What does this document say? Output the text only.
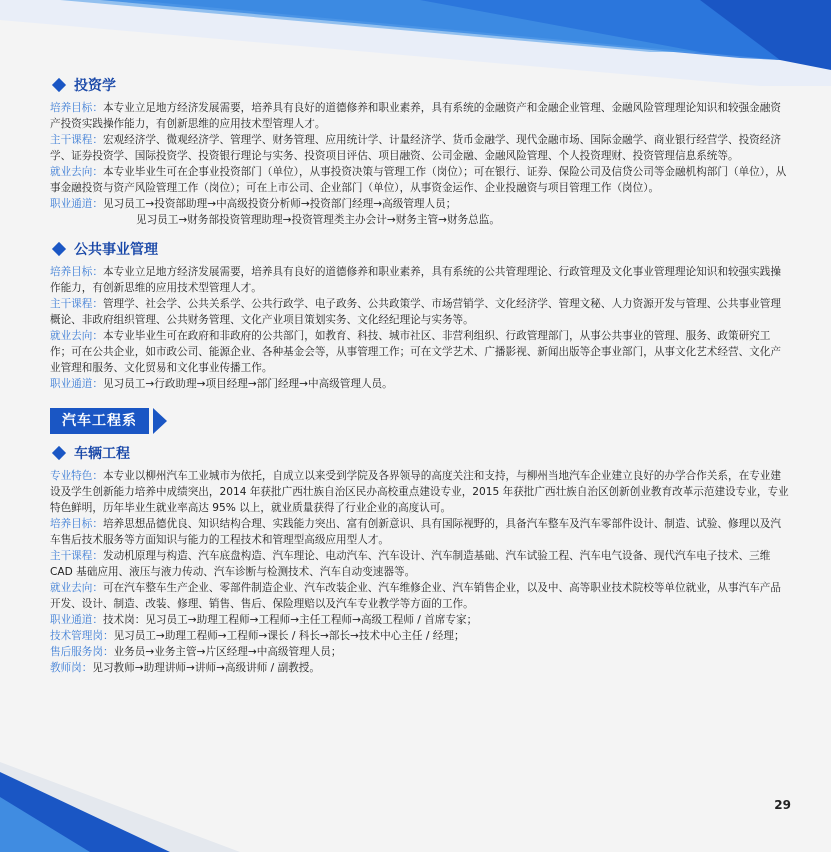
投资学

培养目标：本专业立足地方经济发展需要，培养具有良好的道德修养和职业素养，具有系统的金融资产和金融企业管理、金融风险管理理论知识和较强金融资产投资实践操作能力，有创新思维的应用技术型管理人才。

主干课程：宏观经济学、微观经济学、管理学、财务管理、应用统计学、计量经济学、货币金融学、现代金融市场、国际金融学、商业银行经营学、投资经济学、证券投资学、国际投资学、投资银行理论与实务、投资项目评估、项目融资、公司金融、金融风险管理、个人投资理财、投资管理信息系统等。

就业去向：本专业毕业生可在企事业投资部门（单位），从事投资决策与管理工作（岗位）；可在银行、证券、保险公司及信贷公司等金融机构部门（单位），从事金融投资与资产风险管理工作（岗位）；可在上市公司、企业部门（单位），从事资金运作、企业投融资与项目管理工作（岗位）。

职业通道：见习员工→投资部助理→中高级投资分析师→投资部门经理→高级管理人员；

见习员工→财务部投资管理助理→投资管理类主办会计→财务主管→财务总监。

公共事业管理

培养目标：本专业立足地方经济发展需要，培养具有良好的道德修养和职业素养，具有系统的公共管理理论、行政管理及文化事业管理理论知识和较强实践操作能力，有创新思维的应用技术型管理人才。

主干课程：管理学、社会学、公共关系学、公共行政学、电子政务、公共政策学、市场营销学、文化经济学、管理文秘、人力资源开发与管理、公共事业管理概论、非政府组织管理、公共财务管理、文化产业项目策划实务、文化经纪理论与实务等。

就业去向：本专业毕业生可在政府和非政府的公共部门，如教育、科技、城市社区、非营利组织、行政管理部门，从事公共事业的管理、服务、政策研究工作；可在公共企业，如市政公司、能源企业、各种基金会等，从事管理工作；可在文学艺术、广播影视、新闻出版等企事业部门，从事文化艺术经营、文化产业管理和服务、文化贸易和文化事业传播工作。

职业通道：见习员工→行政助理→项目经理→部门经理→中高级管理人员。

汽车工程系
车辆工程

专业特色：本专业以柳州汽车工业城市为依托，自成立以来受到学院及各界领导的高度关注和支持，与柳州当地汽车企业建立良好的办学合作关系，在专业建设及学生创新能力培养中成绩突出，2014 年获批广西壮族自治区民办高校重点建设专业，2015 年获批广西壮族自治区创新创业教育改革示范建设专业，专业特色鲜明，历年毕业生就业率高达 95% 以上，就业质量获得了行业企业的高度认可。

培养目标：培养思想品德优良、知识结构合理、实践能力突出、富有创新意识、具有国际视野的，具备汽车整车及汽车零部件设计、制造、试验、修理以及汽车售后技术服务等方面知识与能力的工程技术和管理型高级应用型人才。

主干课程：发动机原理与构造、汽车底盘构造、汽车理论、电动汽车、汽车设计、汽车制造基础、汽车试验工程、汽车电气设备、现代汽车电子技术、三维 CAD 基础应用、液压与液力传动、汽车诊断与检测技术、汽车自动变速器等。

就业去向：可在汽车整车生产企业、零部件制造企业、汽车改装企业、汽车维修企业、汽车销售企业，以及中、高等职业技术院校等单位就业，从事汽车产品开发、设计、制造、改装、修理、销售、售后、保险理赔以及汽车专业教学等方面的工作。

职业通道：技术岗：见习员工→助理工程师→工程师→主任工程师→高级工程师 / 首席专家；

技术管理岗：见习员工→助理工程师→工程师→课长 / 科长→部长→技术中心主任 / 经理；

售后服务岗：业务员→业务主管→片区经理→中高级管理人员；

教师岗：见习教师→助理讲师→讲师→高级讲师 / 副教授。

29
